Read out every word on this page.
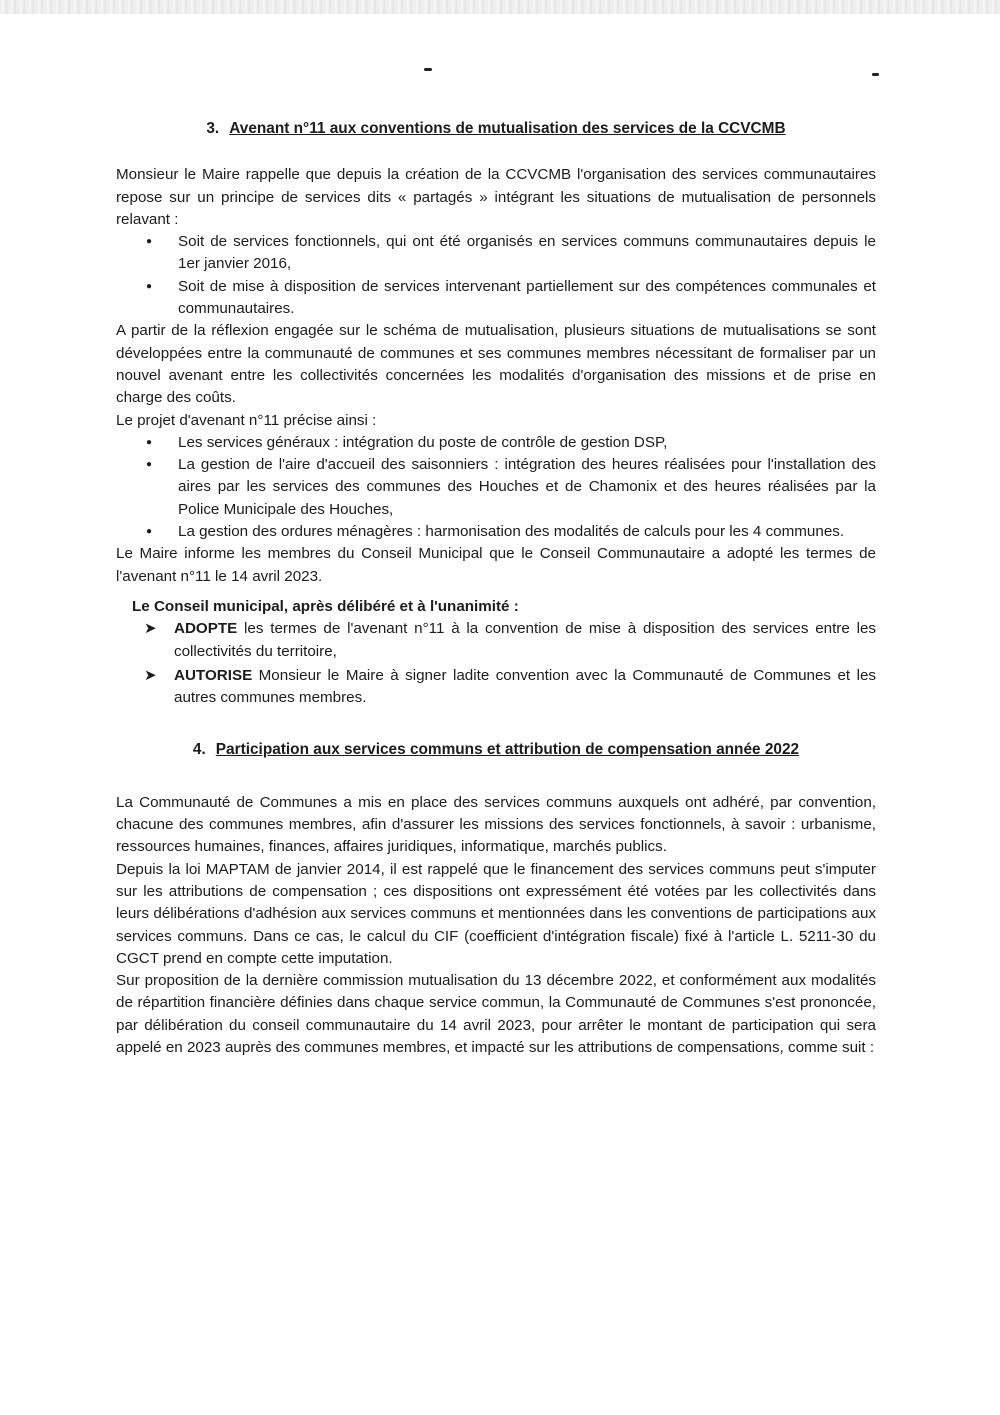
3. Avenant n°11 aux conventions de mutualisation des services de la CCVCMB

Monsieur le Maire rappelle que depuis la création de la CCVCMB l'organisation des services communautaires repose sur un principe de services dits « partagés » intégrant les situations de mutualisation de personnels relavant :

● Soit de services fonctionnels, qui ont été organisés en services communs communautaires depuis le 1er janvier 2016,
● Soit de mise à disposition de services intervenant partiellement sur des compétences communales et communautaires.

A partir de la réflexion engagée sur le schéma de mutualisation, plusieurs situations de mutualisations se sont développées entre la communauté de communes et ses communes membres nécessitant de formaliser par un nouvel avenant entre les collectivités concernées les modalités d'organisation des missions et de prise en charge des coûts.

Le projet d'avenant n°11 précise ainsi :

● Les services généraux : intégration du poste de contrôle de gestion DSP,
● La gestion de l'aire d'accueil des saisonniers : intégration des heures réalisées pour l'installation des aires par les services des communes des Houches et de Chamonix et des heures réalisées par la Police Municipale des Houches,
● La gestion des ordures ménagères : harmonisation des modalités de calculs pour les 4 communes.

Le Maire informe les membres du Conseil Municipal que le Conseil Communautaire a adopté les termes de l'avenant n°11 le 14 avril 2023.

Le Conseil municipal, après délibéré et à l'unanimité :

➤ ADOPTE les termes de l'avenant n°11 à la convention de mise à disposition des services entre les collectivités du territoire,
➤ AUTORISE Monsieur le Maire à signer ladite convention avec la Communauté de Communes et les autres communes membres.
4. Participation aux services communs et attribution de compensation année 2022

La Communauté de Communes a mis en place des services communs auxquels ont adhéré, par convention, chacune des communes membres, afin d'assurer les missions des services fonctionnels, à savoir : urbanisme, ressources humaines, finances, affaires juridiques, informatique, marchés publics.

Depuis la loi MAPTAM de janvier 2014, il est rappelé que le financement des services communs peut s'imputer sur les attributions de compensation ; ces dispositions ont expressément été votées par les collectivités dans leurs délibérations d'adhésion aux services communs et mentionnées dans les conventions de participations aux services communs. Dans ce cas, le calcul du CIF (coefficient d'intégration fiscale) fixé à l'article L. 5211-30 du CGCT prend en compte cette imputation.

Sur proposition de la dernière commission mutualisation du 13 décembre 2022, et conformément aux modalités de répartition financière définies dans chaque service commun, la Communauté de Communes s'est prononcée, par délibération du conseil communautaire du 14 avril 2023, pour arrêter le montant de participation qui sera appelé en 2023 auprès des communes membres, et impacté sur les attributions de compensations, comme suit :
